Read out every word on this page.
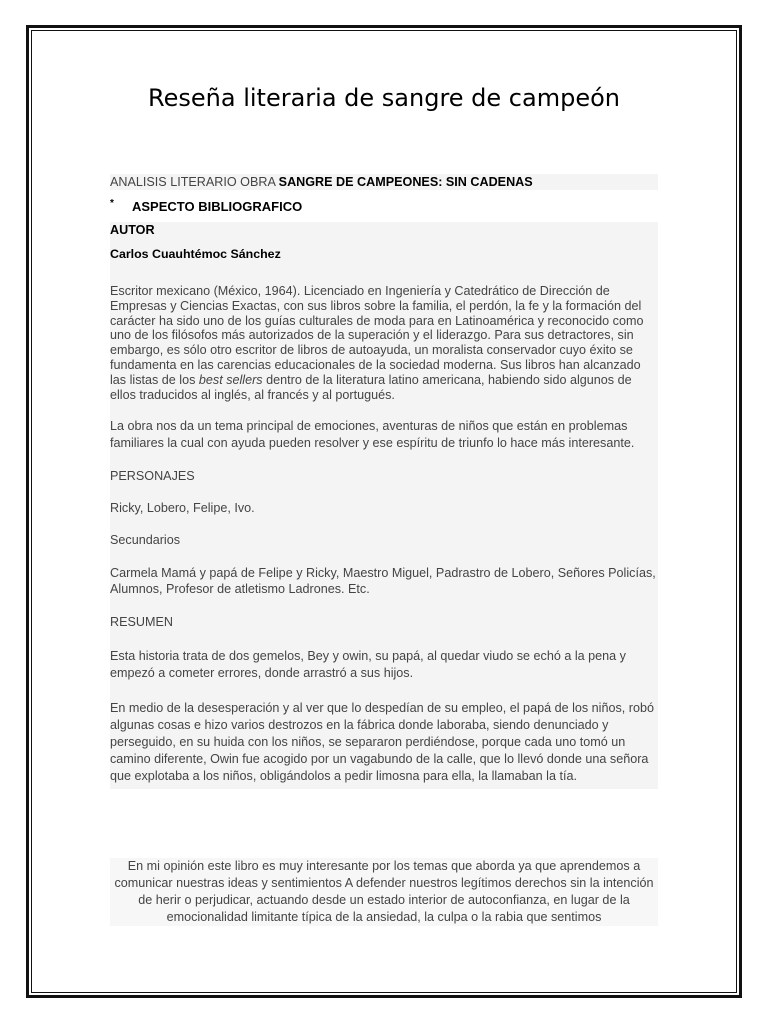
Reseña literaria de sangre de campeón
ANALISIS LITERARIO OBRA SANGRE DE CAMPEONES: SIN CADENAS
*	ASPECTO BIBLIOGRAFICO
AUTOR
Carlos Cuauhtémoc Sánchez
Escritor mexicano (México, 1964). Licenciado en Ingeniería y Catedrático de Dirección de Empresas y Ciencias Exactas, con sus libros sobre la familia, el perdón, la fe y la formación del carácter ha sido uno de los guías culturales de moda para en Latinoamérica y reconocido como uno de los filósofos más autorizados de la superación y el liderazgo. Para sus detractores, sin embargo, es sólo otro escritor de libros de autoayuda, un moralista conservador cuyo éxito se fundamenta en las carencias educacionales de la sociedad moderna. Sus libros han alcanzado las listas de los best sellers dentro de la literatura latino americana, habiendo sido algunos de ellos traducidos al inglés, al francés y al portugués.
La obra nos da un tema principal de emociones, aventuras de niños que están en problemas familiares la cual con ayuda pueden resolver y ese espíritu de triunfo lo hace más interesante.
PERSONAJES
Ricky, Lobero, Felipe, Ivo.
Secundarios
Carmela Mamá y papá de Felipe y Ricky, Maestro Miguel, Padrastro de Lobero, Señores Policías, Alumnos, Profesor de atletismo Ladrones. Etc.
RESUMEN
Esta historia trata de dos gemelos, Bey y owin, su papá, al quedar viudo se echó a la pena y empezó a cometer errores, donde arrastró a sus hijos.
En medio de la desesperación y al ver que lo despedían de su empleo, el papá de los niños, robó algunas cosas e hizo varios destrozos en la fábrica donde laboraba, siendo denunciado y perseguido, en su huida con los niños, se separaron perdiéndose, porque cada uno tomó un camino diferente, Owin fue acogido por un vagabundo de la calle, que lo llevó donde una señora que explotaba a los niños, obligándolos a pedir limosna para ella, la llamaban la tía.
En mi opinión este libro es muy interesante por los temas que aborda ya que aprendemos a comunicar nuestras ideas y sentimientos A defender nuestros legítimos derechos sin la intención de herir o perjudicar, actuando desde un estado interior de autoconfianza, en lugar de la emocionalidad limitante típica de la ansiedad, la culpa o la rabia que sentimos
